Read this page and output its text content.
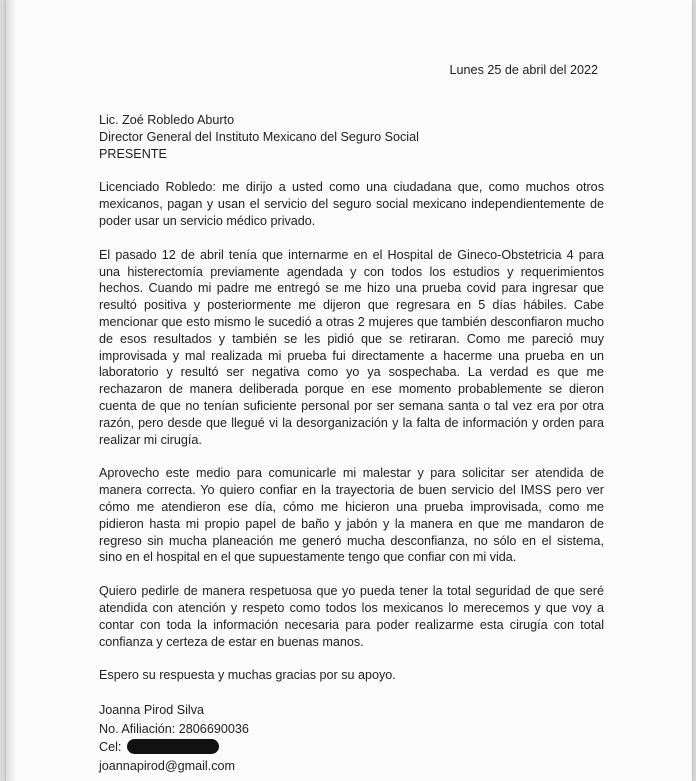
Lunes 25 de abril del 2022
Lic. Zoé Robledo Aburto
Director General del Instituto Mexicano del Seguro Social
PRESENTE
Licenciado Robledo: me dirijo a usted como una ciudadana que, como muchos otros mexicanos, pagan y usan el servicio del seguro social mexicano independientemente de poder usar un servicio médico privado.
El pasado 12 de abril tenía que internarme en el Hospital de Gineco-Obstetricia 4 para una histerectomía previamente agendada y con todos los estudios y requerimientos hechos. Cuando mi padre me entregó se me hizo una prueba covid para ingresar que resultó positiva y posteriormente me dijeron que regresara en 5 días hábiles. Cabe mencionar que esto mismo le sucedió a otras 2 mujeres que también desconfiaron mucho de esos resultados y también se les pidió que se retiraran. Como me pareció muy improvisada y mal realizada mi prueba fui directamente a hacerme una prueba en un laboratorio y resultó ser negativa como yo ya sospechaba. La verdad es que me rechazaron de manera deliberada porque en ese momento probablemente se dieron cuenta de que no tenían suficiente personal por ser semana santa o tal vez era por otra razón, pero desde que llegué vi la desorganización y la falta de información y orden para realizar mi cirugía.
Aprovecho este medio para comunicarle mi malestar y para solicitar ser atendida de manera correcta. Yo quiero confiar en la trayectoria de buen servicio del IMSS pero ver cómo me atendieron ese día, cómo me hicieron una prueba improvisada, como me pidieron hasta mi propio papel de baño y jabón y la manera en que me mandaron de regreso sin mucha planeación me generó mucha desconfianza, no sólo en el sistema, sino en el hospital en el que supuestamente tengo que confiar con mi vida.
Quiero pedirle de manera respetuosa que yo pueda tener la total seguridad de que seré atendida con atención y respeto como todos los mexicanos lo merecemos y que voy a contar con toda la información necesaria para poder realizarme esta cirugía con total confianza y certeza de estar en buenas manos.
Espero su respuesta y muchas gracias por su apoyo.
Joanna Pirod Silva
No. Afiliación: 2806690036
Cel:
joannapirod@gmail.com
